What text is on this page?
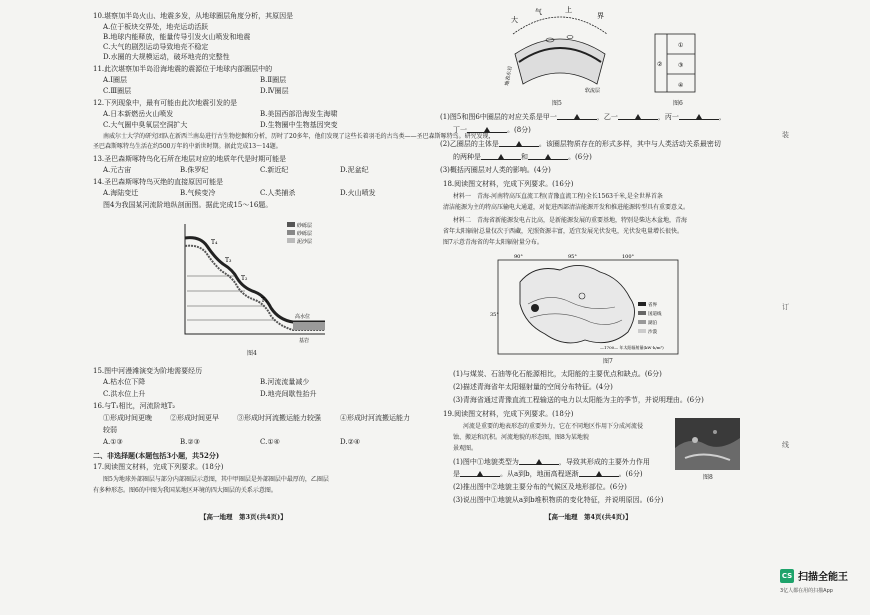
10.堪察加半岛火山、地震多发，从地球圈层角度分析，其原因是
A.位于板块交界处，地壳运动活跃
B.地球内能释放，能量传导引发火山喷发和地震
C.大气的剧烈运动导致地壳不稳定
D.水圈的大规模运动，破坏地壳的完整性
11.此次堪察加半岛沿海地震的震源位于地球内部圈层中的
A.Ⅰ圈层	B.Ⅱ圈层
C.Ⅲ圈层	D.Ⅳ圈层
12.下列现象中，最有可能由此次地震引发的是
A.日本新燃岳火山喷发	B.美国西部沿海发生海啸
C.大气圈中臭氧层空洞扩大	D.生物圈中生物基因突变
南威尔士大学的研究团队在新西兰南岛进行古生物挖掘和分析，历时了20多年，他们发现了这些长着羽毛的古鸟类——圣巴森斯啄特鸟。研究发现，
圣巴森斯啄特鸟生活在约500万年的中新世时期。据此完成13～14题。
13.圣巴森斯啄特鸟化石所在地层对应的地质年代是时期可能是
A.元古宙	B.侏罗纪	C.新近纪	D.泥盆纪
14.圣巴森斯啄特鸟灭绝的直接原因可能是
A.海陆变迁	B.气候变冷	C.人类捕杀	D.火山喷发
图4为我国某河流阶地纵剖面图。据此完成15～16题。
砂砾层
砂砾层
泥沙层
T₄
T₃
T₂
T₁
高水位
基岩
图4
15.图中河漫滩演变为阶地需要经历
A.枯水位下降	B.河流流量减少
C.洪水位上升	D.地壳间歇性抬升
16.与T₁相比，河流阶地T₂
①形成时间更晚	②形成时间更早	③形成时河流搬运能力较强	④形成时河流搬运能力
较弱
A.①③	B.②③	C.①④	D.②④
二、非选择题(本题包括3小题，共52分)
17.阅读图文材料，完成下列要求。(18分)
图5为地球外部圈层与部分内部圈层示意图，其中甲圈层是外部圈层中最厚的，乙圈层
有多种形态。图6的中图为我国某地区环境的四大圈层的关系示意图。
【高一地理　第3页(共4页)】
大
气	上
界
地表水岩
软流层
图5
①
②	③
④
图6
(1)图5和图6中圈层的对应关系是甲一	，乙一	，丙一	，
丁一	。(8分)
(2)乙圈层的主体是	。该圈层物质存在的形式多样，其中与人类活动关系最密切
的两种是	和	。(6分)
(3)概括丙圈层对人类的影响。(4分)
18.阅读图文材料，完成下列要求。(16分)
材料一　青海-河南特高压直流工程(青豫直流工程)全长1563千米,是全世界首条
清洁能源为主的特高压输电大通道，对促进西部清洁能源开发和推进能源转型具有重要意义。
材料二　青海省新能源发电占比高，是新能源发展的重要基地，特别是柴达木盆地，青海
省年太阳辐射总量仅次于西藏，光照资源丰富，适宜发展光伏发电，光伏发电量增长很快。
图7示意青海省的年太阳辐射量分布。
省界
国道线
湖泊
沙漠
—1700— 年太阳辐射量(kW·h/m²)
90°	95°	100°
35°
图7
(1)与煤炭、石油等化石能源相比，太阳能的主要优点和缺点。(6分)
(2)描述青海省年太阳辐射量的空间分布特征。(4分)
(3)青海省通过青豫直流工程输送的电力以太阳能为主的季节，并说明理由。(6分)
19.阅读图文材料，完成下列要求。(18分)
河流是重要的地表形态的重要外力，它在不同地区作用下分成河流侵
蚀、搬运和沉积。河流地貌的形态图，图8为某地貌
景观图。
图8
(1)图中①地貌类型为	，导致其形成的主要外力作用
是	。从a到b，地面高程逐渐	。(6分)
(2)推出图中②地貌主要分布的气候区及地形部位。(6分)
(3)说出图中①地貌从a到b堆积物质的变化特征，并说明原因。(6分)
【高一地理　第4页(共4页)】
装
订
线
CS 扫描全能王
3亿人都在用的扫描App
